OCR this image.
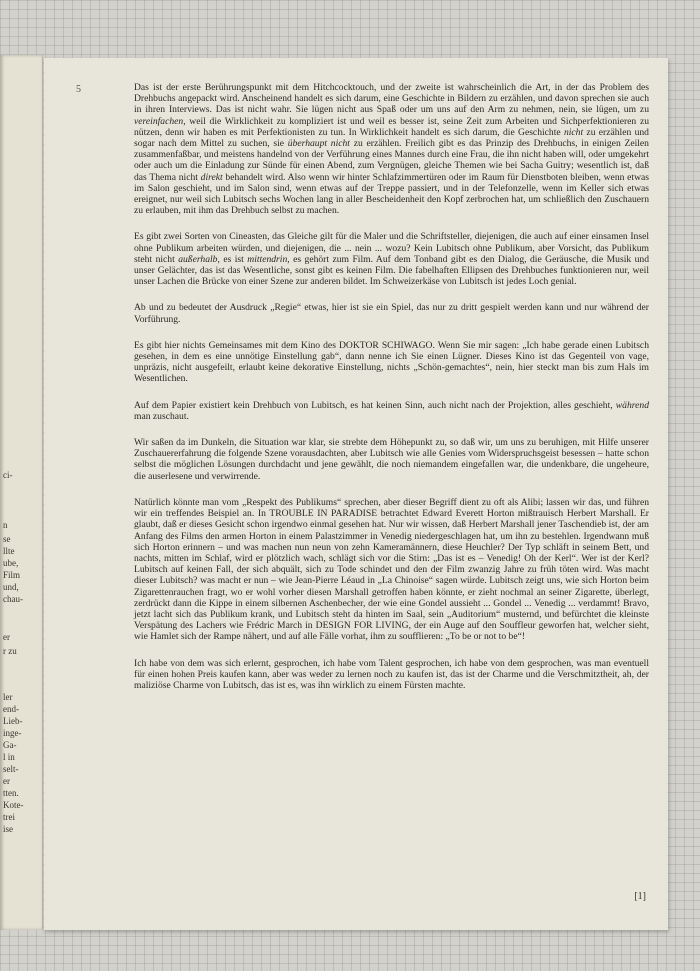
ci-
n
se
llte
ube,
Film
und,
chau-
er
r zu
ler
end-
Lieb-
inge-
Ga-
l in
selt-
er
tten.
Kote-
trei
ise
5	Das ist der erste Berührungspunkt mit dem Hitchcocktouch, und der zweite ist wahrscheinlich die Art, in der das Problem des Drehbuchs angepackt wird. Anscheinend handelt es sich darum, eine Geschichte in Bildern zu erzählen, und davon sprechen sie auch in ihren Interviews. Das ist nicht wahr. Sie lügen nicht aus Spaß oder um uns auf den Arm zu nehmen, nein, sie lügen, um zu vereinfachen, weil die Wirklichkeit zu kompliziert ist und weil es besser ist, seine Zeit zum Arbeiten und Sichperfektionieren zu nützen, denn wir haben es mit Perfektionisten zu tun. In Wirklichkeit handelt es sich darum, die Geschichte nicht zu erzählen und sogar nach dem Mittel zu suchen, sie überhaupt nicht zu erzählen. Freilich gibt es das Prinzip des Drehbuchs, in einigen Zeilen zusammenfaßbar, und meistens handelnd von der Verführung eines Mannes durch eine Frau, die ihn nicht haben will, oder umgekehrt oder auch um die Einladung zur Sünde für einen Abend, zum Vergnügen, gleiche Themen wie bei Sacha Guitry; wesentlich ist, daß das Thema nicht direkt behandelt wird. Also wenn wir hinter Schlafzimmertüren oder im Raum für Dienstboten bleiben, wenn etwas im Salon geschieht, und im Salon sind, wenn etwas auf der Treppe passiert, und in der Telefonzelle, wenn im Keller sich etwas ereignet, nur weil sich Lubitsch sechs Wochen lang in aller Bescheidenheit den Kopf zerbrochen hat, um schließlich den Zuschauern zu erlauben, mit ihm das Drehbuch selbst zu machen.

Es gibt zwei Sorten von Cineasten, das Gleiche gilt für die Maler und die Schriftsteller, diejenigen, die auch auf einer einsamen Insel ohne Publikum arbeiten würden, und diejenigen, die ... nein ... wozu? Kein Lubitsch ohne Publikum, aber Vorsicht, das Publikum steht nicht außerhalb, es ist mittendrin, es gehört zum Film. Auf dem Tonband gibt es den Dialog, die Geräusche, die Musik und unser Gelächter, das ist das Wesentliche, sonst gibt es keinen Film. Die fabelhaften Ellipsen des Drehbuches funktionieren nur, weil unser Lachen die Brücke von einer Szene zur anderen bildet. Im Schweizerkäse von Lubitsch ist jedes Loch genial.

Ab und zu bedeutet der Ausdruck „Regie“ etwas, hier ist sie ein Spiel, das nur zu dritt gespielt werden kann und nur während der Vorführung.

Es gibt hier nichts Gemeinsames mit dem Kino des DOKTOR SCHIWAGO. Wenn Sie mir sagen: „Ich habe gerade einen Lubitsch gesehen, in dem es eine unnötige Einstellung gab“, dann nenne ich Sie einen Lügner. Dieses Kino ist das Gegenteil von vage, unpräzis, nicht ausgefeilt, erlaubt keine dekorative Einstellung, nichts „Schön-gemachtes“, nein, hier steckt man bis zum Hals im Wesentlichen.

Auf dem Papier existiert kein Drehbuch von Lubitsch, es hat keinen Sinn, auch nicht nach der Projektion, alles geschieht, während man zuschaut.

Wir saßen da im Dunkeln, die Situation war klar, sie strebte dem Höhepunkt zu, so daß wir, um uns zu beruhigen, mit Hilfe unserer Zuschauererfahrung die folgende Szene vorausdachten, aber Lubitsch wie alle Genies vom Widerspruchsgeist besessen – hatte schon selbst die möglichen Lösungen durchdacht und jene gewählt, die noch niemandem eingefallen war, die undenkbare, die ungeheure, die auserlesene und verwirrende.

Natürlich könnte man vom „Respekt des Publikums“ sprechen, aber dieser Begriff dient zu oft als Alibi; lassen wir das, und führen wir ein treffendes Beispiel an. In TROUBLE IN PARADISE betrachtet Edward Everett Horton mißtrauisch Herbert Marshall. Er glaubt, daß er dieses Gesicht schon irgendwo einmal gesehen hat. Nur wir wissen, daß Herbert Marshall jener Taschendieb ist, der am Anfang des Films den armen Horton in einem Palastzimmer in Venedig niedergeschlagen hat, um ihn zu bestehlen. Irgendwann muß sich Horton erinnern – und was machen nun neun von zehn Kameramännern, diese Heuchler? Der Typ schläft in seinem Bett, und nachts, mitten im Schlaf, wird er plötzlich wach, schlägt sich vor die Stirn: „Das ist es – Venedig! Oh der Kerl“. Wer ist der Kerl? Lubitsch auf keinen Fall, der sich abquält, sich zu Tode schindet und den der Film zwanzig Jahre zu früh töten wird. Was macht dieser Lubitsch? was macht er nun – wie Jean-Pierre Léaud in „La Chinoise“ sagen würde. Lubitsch zeigt uns, wie sich Horton beim Zigarettenrauchen fragt, wo er wohl vorher diesen Marshall getroffen haben könnte, er zieht nochmal an seiner Zigarette, überlegt, zerdrückt dann die Kippe in einem silbernen Aschenbecher, der wie eine Gondel aussieht ... Gondel ... Venedig ... verdammt! Bravo, jetzt lacht sich das Publikum krank, und Lubitsch steht da hinten im Saal, sein „Auditorium“ musternd, und befürchtet die kleinste Verspätung des Lachers wie Frédric March in DESIGN FOR LIVING, der ein Auge auf den Souffleur geworfen hat, welcher sieht, wie Hamlet sich der Rampe nähert, und auf alle Fälle vorhat, ihm zu soufflieren: „To be or not to be“!

Ich habe von dem was sich erlernt, gesprochen, ich habe vom Talent gesprochen, ich habe von dem gesprochen, was man eventuell für einen hohen Preis kaufen kann, aber was weder zu lernen noch zu kaufen ist, das ist der Charme und die Verschmitztheit, ah, der maliziöse Charme von Lubitsch, das ist es, was ihn wirklich zu einem Fürsten machte.

[1]
